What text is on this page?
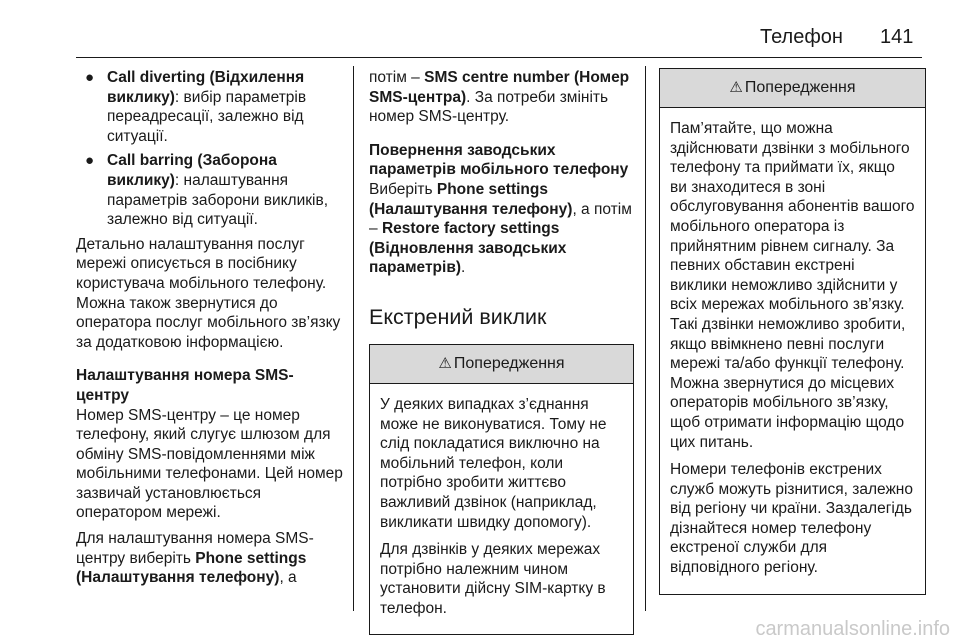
Телефон 141
● Call diverting (Відхилення виклику): вибір параметрів переадресації, залежно від ситуації.
● Call barring (Заборона виклику): налаштування параметрів заборони викликів, залежно від ситуації.

Детально налаштування послуг мережі описується в посібнику користувача мобільного телефону. Можна також звернутися до оператора послуг мобільного зв’язку за додатковою інформацією.

Налаштування номера SMS-центру

Номер SMS-центру – це номер телефону, який слугує шлюзом для обміну SMS-повідомленнями між мобільними телефонами. Цей номер зазвичай установлюється оператором мережі.

Для налаштування номера SMS-центру виберіть Phone settings (Налаштування телефону), а

потім – SMS centre number (Номер SMS-центра). За потреби змініть номер SMS-центру.

Повернення заводських параметрів мобільного телефону

Виберіть Phone settings (Налаштування телефону), а потім – Restore factory settings (Відновлення заводських параметрів).

Екстрений виклик
⚠ Попередження

У деяких випадках з’єднання може не виконуватися. Тому не слід покладатися виключно на мобільний телефон, коли потрібно зробити життєво важливий дзвінок (наприклад, викликати швидку допомогу).

Для дзвінків у деяких мережах потрібно належним чином установити дійсну SIM-картку в телефон.

⚠ Попередження

Пам’ятайте, що можна здійснювати дзвінки з мобільного телефону та приймати їх, якщо ви знаходитеся в зоні обслуговування абонентів вашого мобільного оператора із прийнятним рівнем сигналу. За певних обставин екстрені виклики неможливо здійснити у всіх мережах мобільного зв’язку. Такі дзвінки неможливо зробити, якщо ввімкнено певні послуги мережі та/або функції телефону. Можна звернутися до місцевих операторів мобільного зв’язку, щоб отримати інформацію щодо цих питань.

Номери телефонів екстрених служб можуть різнитися, залежно від регіону чи країни. Заздалегідь дізнайтеся номер телефону екстреної служби для відповідного регіону.

carmanualsonline.info
